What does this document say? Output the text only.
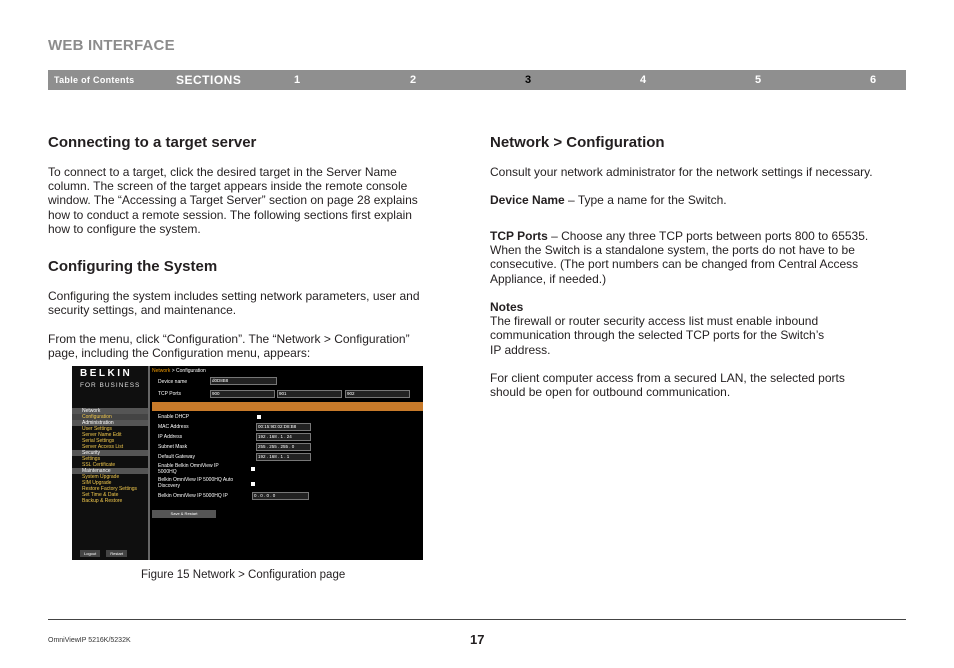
WEB INTERFACE
Table of Contents	SECTIONS	1	2	3	4	5	6
Connecting to a target server
To connect to a target, click the desired target in the Server Name
column. The screen of the target appears inside the remote console
window. The “Accessing a Target Server” section on page 28 explains
how to conduct a remote session. The following sections first explain
how to configure the system.
Configuring the System
Configuring the system includes setting network parameters, user and
security settings, and maintenance.
From the menu, click “Configuration”. The “Network > Configuration”
page, including the Configuration menu, appears:
BELKIN
FOR BUSINESS
Network
Configuration
Administration
User Settings
Server Name Edit
Serial Settings
Server Access List
Security
Settings
SSL Certificate
Maintenance
System Upgrade
SIM Upgrade
Restore Factory Settings
Set Time & Date
Backup & Restore
Logout	Restart
Network > Configuration
Device name	d0D8B8
TCP Ports	900	901	902
Enable DHCP
MAC Address	00:15:9D:02:D8:B8
IP Address	192 . 168 . 1 . 24
Subnet Mask	255 . 255 . 255 . 0
Default Gateway	192 . 168 . 1 . 1
Enable Belkin OmniView IP
5000HQ
Belkin OmniView IP 5000HQ Auto
Discovery
Belkin OmniView IP 5000HQ IP	0 . 0 . 0 . 0
Save & Restart
Figure 15 Network > Configuration page
Network > Configuration
Consult your network administrator for the network settings if necessary.
Device Name – Type a name for the Switch.
TCP Ports – Choose any three TCP ports between ports 800 to 65535.
When the Switch is a standalone system, the ports do not have to be
consecutive. (The port numbers can be changed from Central Access
Appliance, if needed.)
Notes
The firewall or router security access list must enable inbound
communication through the selected TCP ports for the Switch’s
IP address.
For client computer access from a secured LAN, the selected ports
should be open for outbound communication.
OmniViewIP 5216K/5232K	17
